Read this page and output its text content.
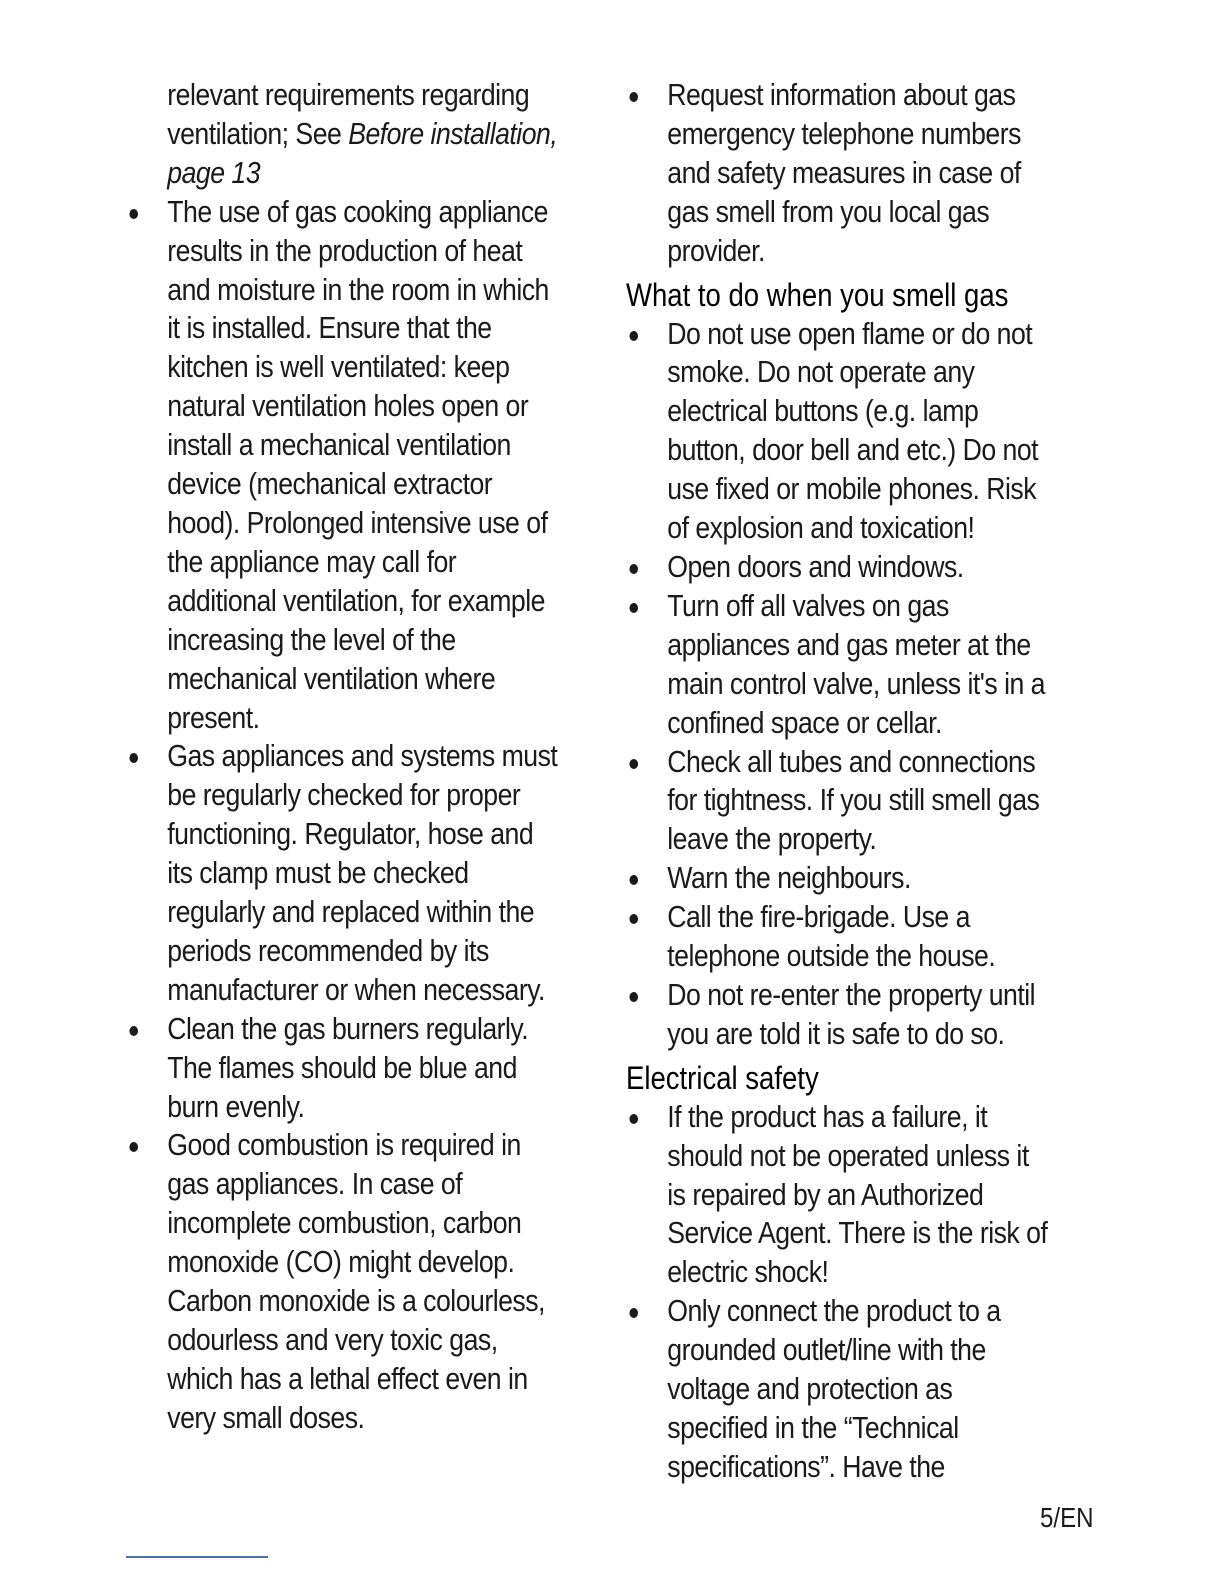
relevant requirements regarding
ventilation; See Before installation,
page 13
The use of gas cooking appliance
results in the production of heat
and moisture in the room in which
it is installed. Ensure that the
kitchen is well ventilated: keep
natural ventilation holes open or
install a mechanical ventilation
device (mechanical extractor
hood). Prolonged intensive use of
the appliance may call for
additional ventilation, for example
increasing the level of the
mechanical ventilation where
present.
Gas appliances and systems must
be regularly checked for proper
functioning. Regulator, hose and
its clamp must be checked
regularly and replaced within the
periods recommended by its
manufacturer or when necessary.
Clean the gas burners regularly.
The flames should be blue and
burn evenly.
Good combustion is required in
gas appliances. In case of
incomplete combustion, carbon
monoxide (CO) might develop.
Carbon monoxide is a colourless,
odourless and very toxic gas,
which has a lethal effect even in
very small doses.
Request information about gas
emergency telephone numbers
and safety measures in case of
gas smell from you local gas
provider.
What to do when you smell gas
Do not use open flame or do not
smoke. Do not operate any
electrical buttons (e.g. lamp
button, door bell and etc.) Do not
use fixed or mobile phones. Risk
of explosion and toxication!
Open doors and windows.
Turn off all valves on gas
appliances and gas meter at the
main control valve, unless it's in a
confined space or cellar.
Check all tubes and connections
for tightness. If you still smell gas
leave the property.
Warn the neighbours.
Call the fire-brigade. Use a
telephone outside the house.
Do not re-enter the property until
you are told it is safe to do so.
Electrical safety
If the product has a failure, it
should not be operated unless it
is repaired by an Authorized
Service Agent. There is the risk of
electric shock!
Only connect the product to a
grounded outlet/line with the
voltage and protection as
specified in the “Technical
specifications”. Have the
5/EN
